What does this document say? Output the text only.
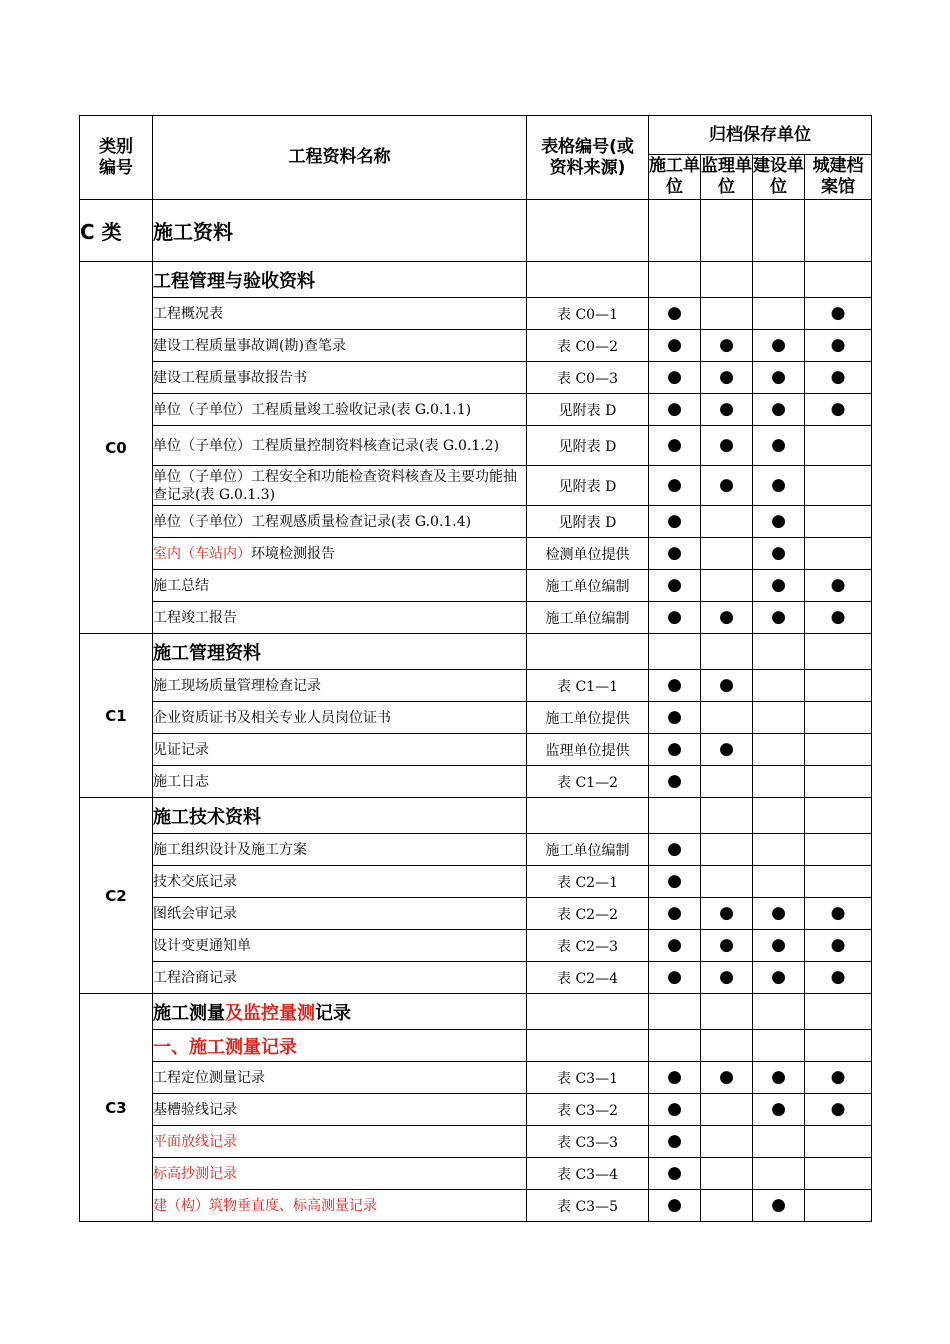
类别编号	工程资料名称	表格编号(或资料来源)	归档保存单位			
			施工单位	监理单位	建设单位	城建档案馆
C 类	施工资料					
C0	工程管理与验收资料					
	工程概况表	表 C0—1	●			●
	建设工程质量事故调(勘)查笔录	表 C0—2	●	●	●	●
	建设工程质量事故报告书	表 C0—3	●	●	●	●
	单位（子单位）工程质量竣工验收记录(表 G.0.1.1)	见附表 D	●	●	●	●
	单位（子单位）工程质量控制资料核查记录(表 G.0.1.2)	见附表 D	●	●	●	
	单位（子单位）工程安全和功能检查资料核查及主要功能抽查记录(表 G.0.1.3)	见附表 D	●	●	●	
	单位（子单位）工程观感质量检查记录(表 G.0.1.4)	见附表 D	●		●	
	室内（车站内）环境检测报告	检测单位提供	●		●	
	施工总结	施工单位编制	●		●	●
	工程竣工报告	施工单位编制	●	●	●	●
C1	施工管理资料					
	施工现场质量管理检查记录	表 C1—1	●	●		
	企业资质证书及相关专业人员岗位证书	施工单位提供	●			
	见证记录	监理单位提供	●	●		
	施工日志	表 C1—2	●			
C2	施工技术资料					
	施工组织设计及施工方案	施工单位编制	●			
	技术交底记录	表 C2—1	●			
	图纸会审记录	表 C2—2	●	●	●	●
	设计变更通知单	表 C2—3	●	●	●	●
	工程洽商记录	表 C2—4	●	●	●	●
C3	施工测量及监控量测记录					
	一、施工测量记录					
	工程定位测量记录	表 C3—1	●	●	●	●
	基槽验线记录	表 C3—2	●		●	●
	平面放线记录	表 C3—3	●			
	标高抄测记录	表 C3—4	●			
	建（构）筑物垂直度、标高测量记录	表 C3—5	●		●	
